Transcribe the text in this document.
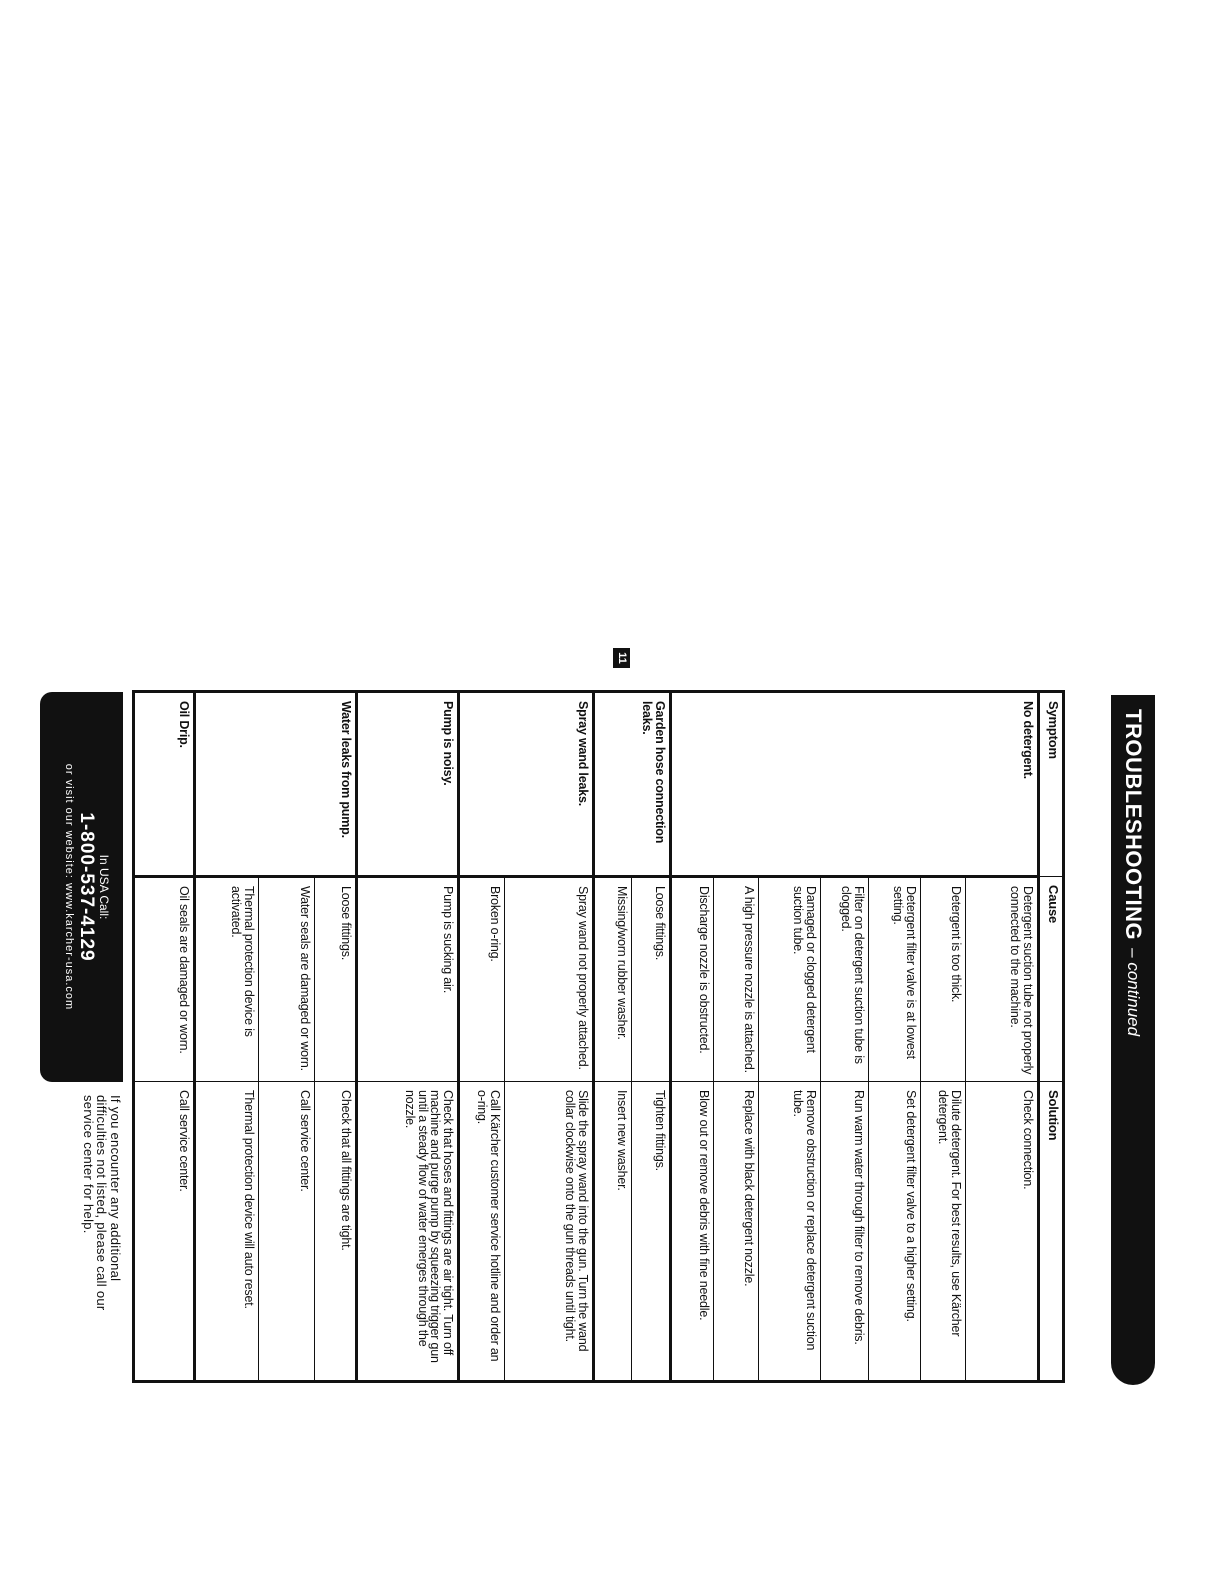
TROUBLESHOOTING
– continued
11
Symptom	Cause	Solution
No detergent.	Detergent suction tube not properly connected to the machine.	Check connection.
	Detergent is too thick.	Dilute detergent. For best results, use Kärcher detergent.
	Detergent filter valve is at lowest setting.	Set detergent filter valve to a higher setting.
	Filter on detergent suction tube is clogged.	Run warm water through filter to remove debris.
	Damaged or clogged detergent suction tube.	Remove obstruction or replace detergent suction tube.
	A high pressure nozzle is attached.	Replace with black detergent nozzle.
	Discharge nozzle is obstructed.	Blow out or remove debris with fine needle.
Garden hose connection leaks.	Loose fittings.	Tighten fittings.
	Missing/worn rubber washer.	Insert new washer.
Spray wand leaks.	Spray wand not properly attached.	Slide the spray wand into the gun. Turn the wand collar clockwise onto the gun threads until tight.
	Broken o-ring.	Call Kärcher customer service hotline and order an o-ring.
Pump is noisy.	Pump is sucking air.	Check that hoses and fittings are air tight. Turn off machine and purge pump by squeezing trigger gun until a steady flow of water emerges through the nozzle.
Water leaks from pump.	Loose fittings.	Check that all fittings are tight.
	Water seals are damaged or worn.	Call service center.
	Thermal protection device is activated.	Thermal protection device will auto reset.
Oil Drip.	Oil seals are damaged or worn.	Call service center.
In USA Call:
1-800-537-4129
or visit our website: www.karcher-usa.com
If you encounter any additional difficulties not listed, please call our service center for help.
